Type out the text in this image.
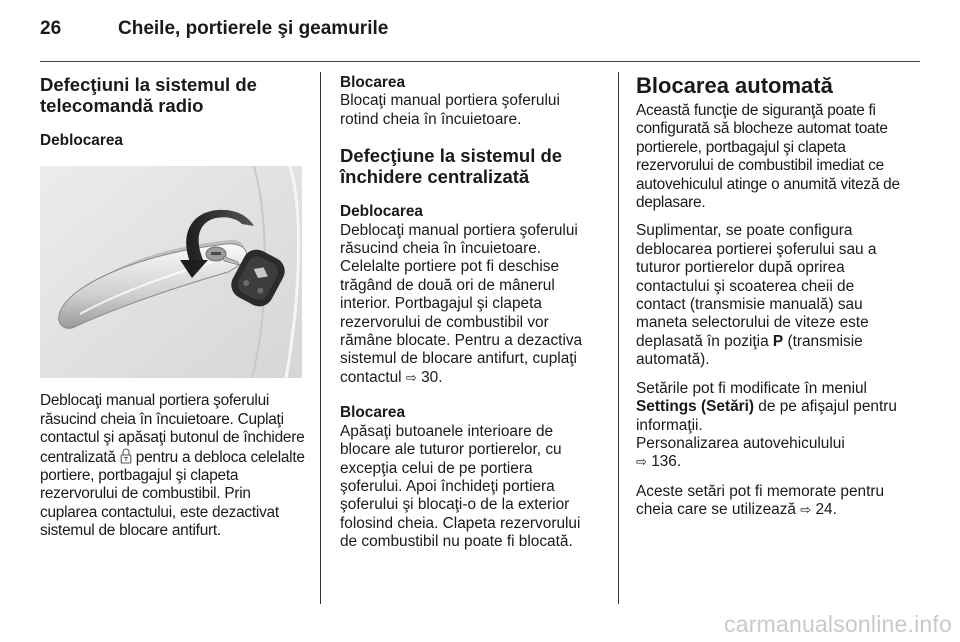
26	Cheile, portierele şi geamurile
Defecţiuni la sistemul de telecomandă radio
Deblocarea

Deblocaţi manual portiera şoferului răsucind cheia în încuietoare. Cuplaţi contactul şi apăsaţi butonul de închidere centralizată pentru a debloca celelalte portiere, portbagajul şi clapeta rezervorului de combustibil. Prin cuplarea contactului, este dezactivat sistemul de blocare antifurt.

Blocarea

Blocaţi manual portiera şoferului rotind cheia în încuietoare.

Defecţiune la sistemul de închidere centralizată
Deblocarea

Deblocaţi manual portiera şoferului răsucind cheia în încuietoare. Celelalte portiere pot fi deschise trăgând de două ori de mânerul interior. Portbagajul şi clapeta rezervorului de combustibil vor rămâne blocate. Pentru a dezactiva sistemul de blocare antifurt, cuplaţi contactul ⇨ 30.

Blocarea

Apăsaţi butoanele interioare de blocare ale tuturor portierelor, cu excepţia celui de pe portiera şoferului. Apoi închideţi portiera şoferului şi blocaţi-o de la exterior folosind cheia. Clapeta rezervorului de combustibil nu poate fi blocată.

Blocarea automată

Această funcţie de siguranţă poate fi configurată să blocheze automat toate portierele, portbagajul şi clapeta rezervorului de combustibil imediat ce autovehiculul atinge o anumită viteză de deplasare.

Suplimentar, se poate configura deblocarea portierei şoferului sau a tuturor portierelor după oprirea contactului şi scoaterea cheii de contact (transmisie manuală) sau maneta selectorului de viteze este deplasată în poziţia P (transmisie automată).

Setările pot fi modificate în meniul Settings (Setări) de pe afişajul pentru informaţii.
Personalizarea autovehiculului
⇨ 136.

Aceste setări pot fi memorate pentru cheia care se utilizează ⇨ 24.

carmanualsonline.info
